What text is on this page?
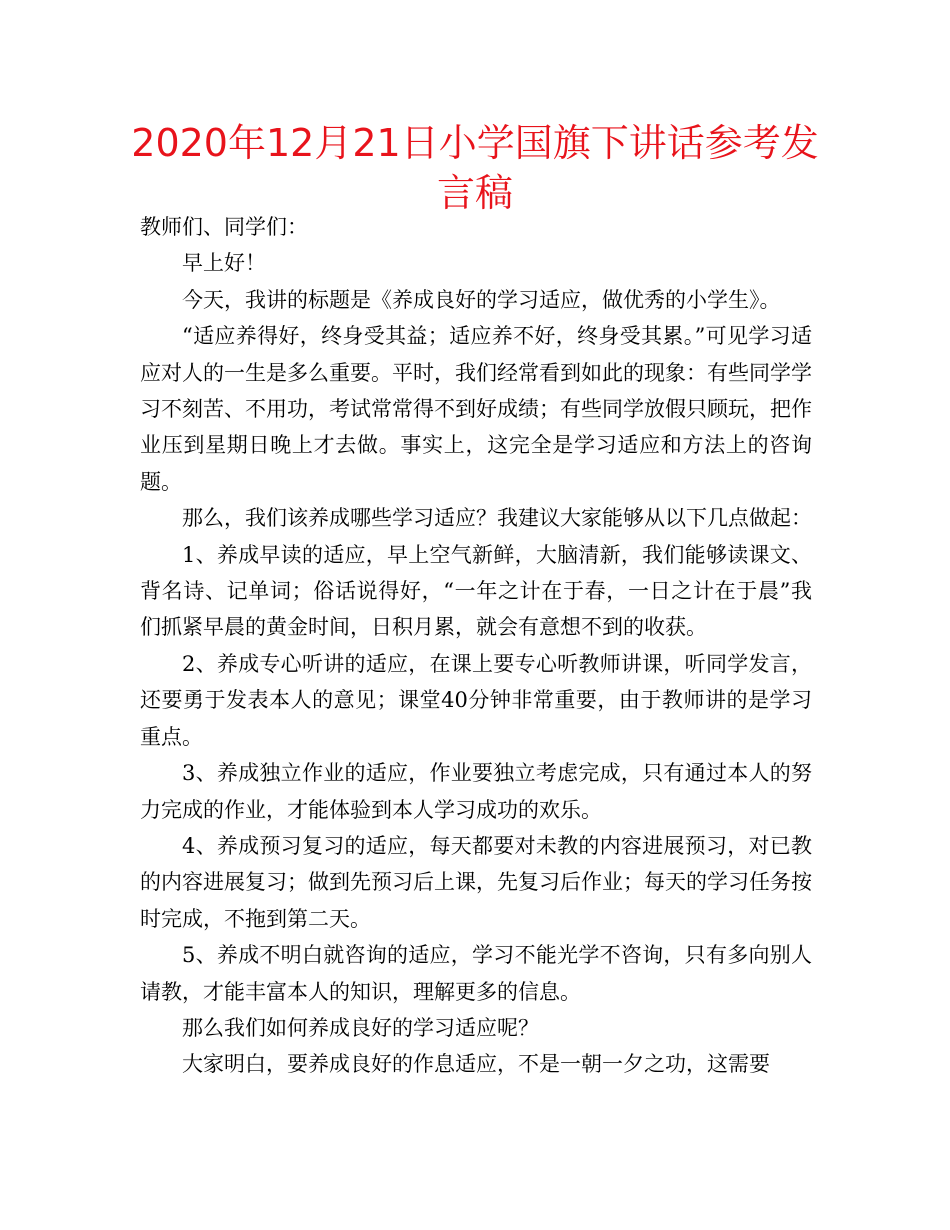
2020年12月21日小学国旗下讲话参考发言稿

教师们、同学们：

早上好！

今天，我讲的标题是《养成良好的学习适应，做优秀的小学生》。

“适应养得好，终身受其益；适应养不好，终身受其累。”可见学习适应对人的一生是多么重要。平时，我们经常看到如此的现象：有些同学学习不刻苦、不用功，考试常常得不到好成绩；有些同学放假只顾玩，把作业压到星期日晚上才去做。事实上，这完全是学习适应和方法上的咨询题。

那么，我们该养成哪些学习适应？我建议大家能够从以下几点做起：

1、养成早读的适应，早上空气新鲜，大脑清新，我们能够读课文、背名诗、记单词；俗话说得好，“一年之计在于春，一日之计在于晨”我们抓紧早晨的黄金时间，日积月累，就会有意想不到的收获。

2、养成专心听讲的适应，在课上要专心听教师讲课，听同学发言，还要勇于发表本人的意见；课堂40分钟非常重要，由于教师讲的是学习重点。

3、养成独立作业的适应，作业要独立考虑完成，只有通过本人的努力完成的作业，才能体验到本人学习成功的欢乐。

4、养成预习复习的适应，每天都要对未教的内容进展预习，对已教的内容进展复习；做到先预习后上课，先复习后作业；每天的学习任务按时完成，不拖到第二天。

5、养成不明白就咨询的适应，学习不能光学不咨询，只有多向别人请教，才能丰富本人的知识，理解更多的信息。

那么我们如何养成良好的学习适应呢？

大家明白，要养成良好的作息适应，不是一朝一夕之功，这需要
